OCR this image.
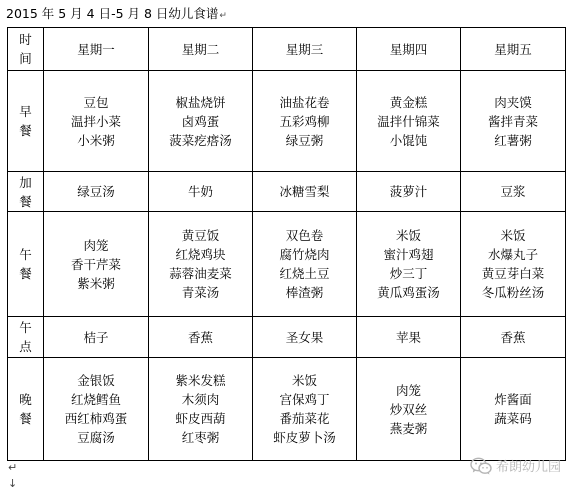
2015 年 5 月 4 日-5 月 8 日幼儿食谱↵
时
间	星期一	星期二	星期三	星期四	星期五

早
餐	豆包
温拌小菜
小米粥	椒盐烧饼
卤鸡蛋
菠菜疙瘩汤	油盐花卷
五彩鸡柳
绿豆粥	黄金糕
温拌什锦菜
小馄饨	肉夹馍
酱拌青菜
红薯粥

加
餐	绿豆汤	牛奶	冰糖雪梨	菠萝汁	豆浆

午
餐	肉笼
香干芹菜
紫米粥	黄豆饭
红烧鸡块
蒜蓉油麦菜
青菜汤	双色卷
腐竹烧肉
红烧土豆
棒渣粥	米饭
蜜汁鸡翅
炒三丁
黄瓜鸡蛋汤	米饭
水爆丸子
黄豆芽白菜
冬瓜粉丝汤

午
点	桔子	香蕉	圣女果	苹果	香蕉

晚
餐	金银饭
红烧鳕鱼
西红柿鸡蛋
豆腐汤	紫米发糕
木须肉
虾皮西葫
红枣粥	米饭
宫保鸡丁
番茄菜花
虾皮萝卜汤	肉笼
炒双丝
燕麦粥	炸酱面
蔬菜码
↵
↓
希朗幼儿园
